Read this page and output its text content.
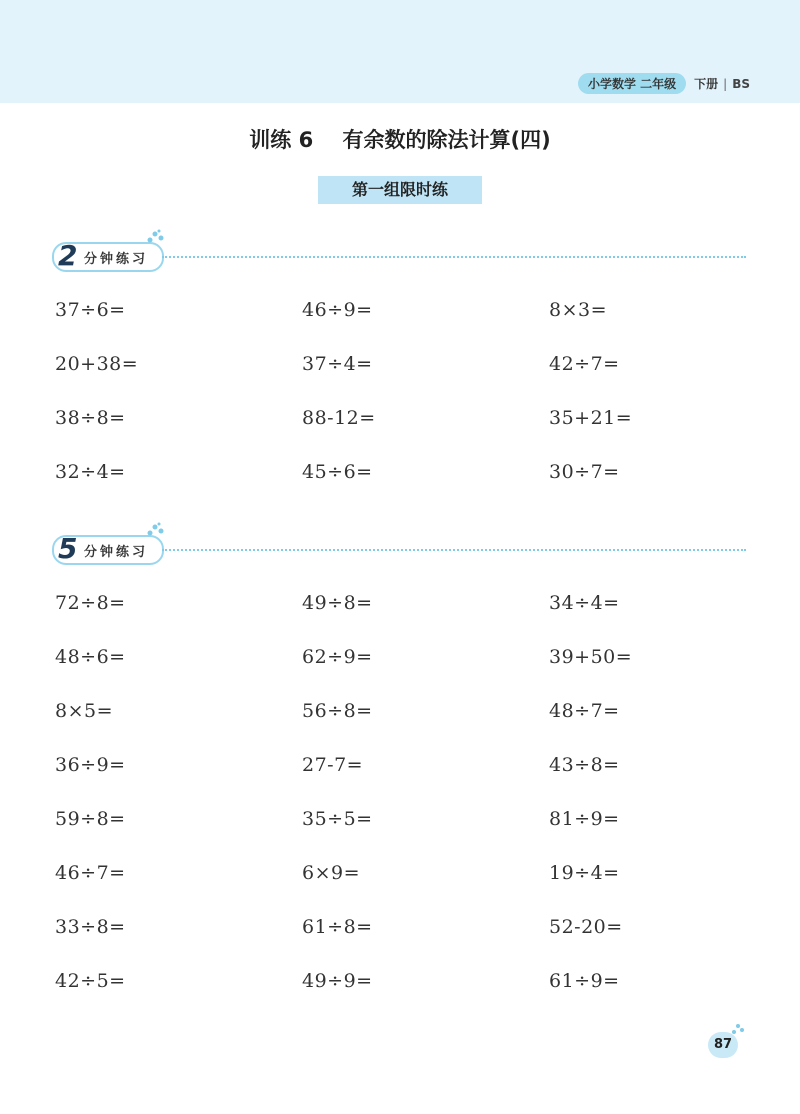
小学数学 二年级	下册 | BS
训练 6 有余数的除法计算(四)
第一组限时练
2 分钟练习
37÷6=	46÷9=	8×3=
20+38=	37÷4=	42÷7=
38÷8=	88-12=	35+21=
32÷4=	45÷6=	30÷7=
5 分钟练习
72÷8=	49÷8=	34÷4=
48÷6=	62÷9=	39+50=
8×5=	56÷8=	48÷7=
36÷9=	27-7=	43÷8=
59÷8=	35÷5=	81÷9=
46÷7=	6×9=	19÷4=
33÷8=	61÷8=	52-20=
42÷5=	49÷9=	61÷9=
87
